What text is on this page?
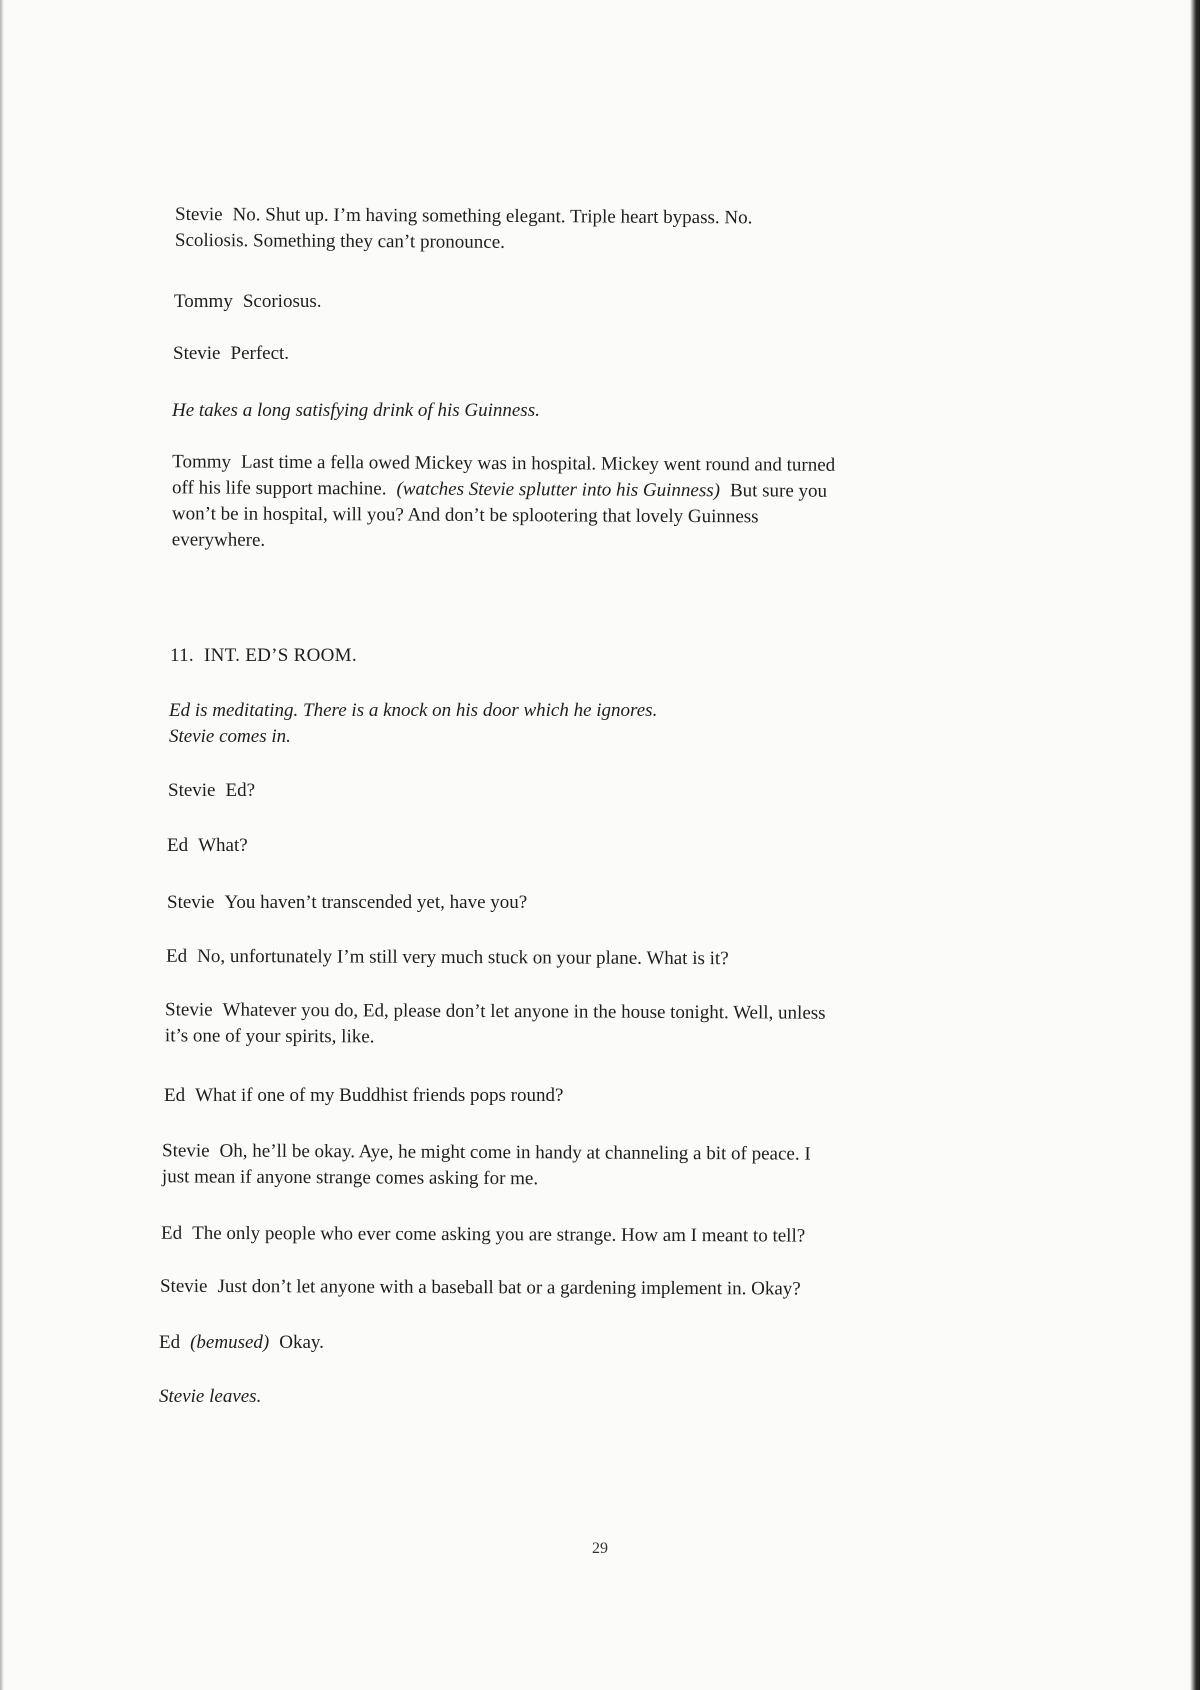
Stevie No. Shut up. I’m having something elegant. Triple heart bypass. No.
Scoliosis. Something they can’t pronounce.
Tommy Scoriosus.
Stevie Perfect.
He takes a long satisfying drink of his Guinness.
Tommy Last time a fella owed Mickey was in hospital. Mickey went round and turned
off his life support machine. (watches Stevie splutter into his Guinness) But sure you
won’t be in hospital, will you? And don’t be splootering that lovely Guinness
everywhere.
11. INT. ED’S ROOM.
Ed is meditating. There is a knock on his door which he ignores.
Stevie comes in.
Stevie Ed?
Ed What?
Stevie You haven’t transcended yet, have you?
Ed No, unfortunately I’m still very much stuck on your plane. What is it?
Stevie Whatever you do, Ed, please don’t let anyone in the house tonight. Well, unless
it’s one of your spirits, like.
Ed What if one of my Buddhist friends pops round?
Stevie Oh, he’ll be okay. Aye, he might come in handy at channeling a bit of peace. I
just mean if anyone strange comes asking for me.
Ed The only people who ever come asking you are strange. How am I meant to tell?
Stevie Just don’t let anyone with a baseball bat or a gardening implement in. Okay?
Ed (bemused) Okay.
Stevie leaves.
29
